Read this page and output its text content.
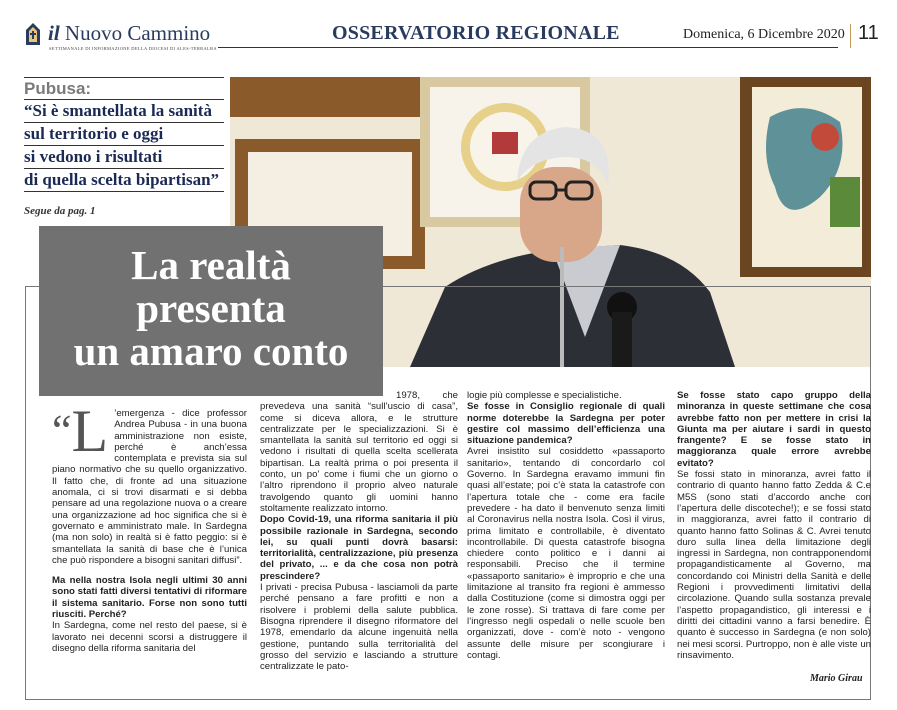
il Nuovo Cammino
SETTIMANALE DI INFORMAZIONE DELLA DIOCESI DI ALES-TERRALBA
OSSERVATORIO REGIONALE	Domenica, 6 Dicembre 2020 11
Pubusa:
“Si è smantellata la sanità
sul territorio e oggi
si vedono i risultati
di quella scelta bipartisan”
Segue da pag. 1
La realtà
presenta
un amaro conto
“L ’emergenza - dice professor Andrea Pubusa - in una buona amministrazione non esiste, perché è anch’essa contemplata e prevista sia sul piano normativo che su quello organizzativo. Il fatto che, di fronte ad una situazione anomala, ci si trovi disarmati e si debba pensare ad una regolazione nuova o a creare una organizzazione ad hoc significa che si è governato e amministrato male. In Sardegna (ma non solo) in realtà si è fatto peggio: si è smantellata la sanità di base che è l’unica che può rispondere a bisogni sanitari diffusi”.

Ma nella nostra Isola negli ultimi 30 anni sono stati fatti diversi tentativi di riformare il sistema sanitario. Forse non sono tutti riusciti. Perché?

In Sardegna, come nel resto del paese, si è lavorato nei decenni scorsi a distruggere il disegno della riforma sanitaria del

1978, che prevedeva una sanità “sull’uscio di casa”, come si diceva allora, e le strutture centralizzate per le specializzazioni. Si è smantellata la sanità sul territorio ed oggi si vedono i risultati di quella scelta scellerata bipartisan. La realtà prima o poi presenta il conto, un po’ come i fiumi che un giorno o l’altro riprendono il proprio alveo naturale travolgendo quanto gli uomini hanno stoltamente realizzato intorno.

Dopo Covid-19, una riforma sanitaria il più possibile razionale in Sardegna, secondo lei, su quali punti dovrà basarsi: territorialità, centralizzazione, più presenza del privato, ... e da che cosa non potrà prescindere?

I privati - precisa Pubusa - lasciamoli da parte perché pensano a fare profitti e non a risolvere i problemi della salute pubblica. Bisogna riprendere il disegno riformatore del 1978, emendarlo da alcune ingenuità nella gestione, puntando sulla territorialità del grosso del servizio e lasciando a strutture centralizzate le pato-

logie più complesse e specialistiche.

Se fosse in Consiglio regionale di quali norme doterebbe la Sardegna per poter gestire col massimo dell’efficienza una situazione pandemica?

Avrei insistito sul cosiddetto «passaporto sanitario», tentando di concordarlo col Governo. In Sardegna eravamo immuni fin quasi all’estate; poi c’è stata la catastrofe con l’apertura totale che - come era facile prevedere - ha dato il benvenuto senza limiti al Coronavirus nella nostra Isola. Così il virus, prima limitato e controllabile, è diventato incontrollabile. Di questa catastrofe bisogna chiedere conto politico e i danni ai responsabili. Preciso che il termine «passaporto sanitario» è improprio e che una limitazione al transito fra regioni è ammesso dalla Costituzione (come si dimostra oggi per le zone rosse). Si trattava di fare come per l’ingresso negli ospedali o nelle scuole ben organizzati, dove - com’è noto - vengono assunte delle misure per scongiurare i contagi.

Se fosse stato capo gruppo della minoranza in queste settimane che cosa avrebbe fatto non per mettere in crisi la Giunta ma per aiutare i sardi in questo frangente? E se fosse stato in maggioranza quale errore avrebbe evitato?

Se fossi stato in minoranza, avrei fatto il contrario di quanto hanno fatto Zedda & C.e M5S (sono stati d’accordo anche con l’apertura delle discoteche!); e se fossi stato in maggioranza, avrei fatto il contrario di quanto hanno fatto Solinas & C. Avrei tenuto duro sulla linea della limitazione degli ingressi in Sardegna, non contrapponendomi propagandisticamente al Governo, ma concordando coi Ministri della Sanità e delle Regioni i provvedimenti limitativi della circolazione. Quando sulla sostanza prevale l’aspetto propagandistico, gli interessi e i diritti dei cittadini vanno a farsi benedire. È quanto è successo in Sardegna (e non solo) nei mesi scorsi. Purtroppo, non è alle viste un rinsavimento.

Mario Girau
